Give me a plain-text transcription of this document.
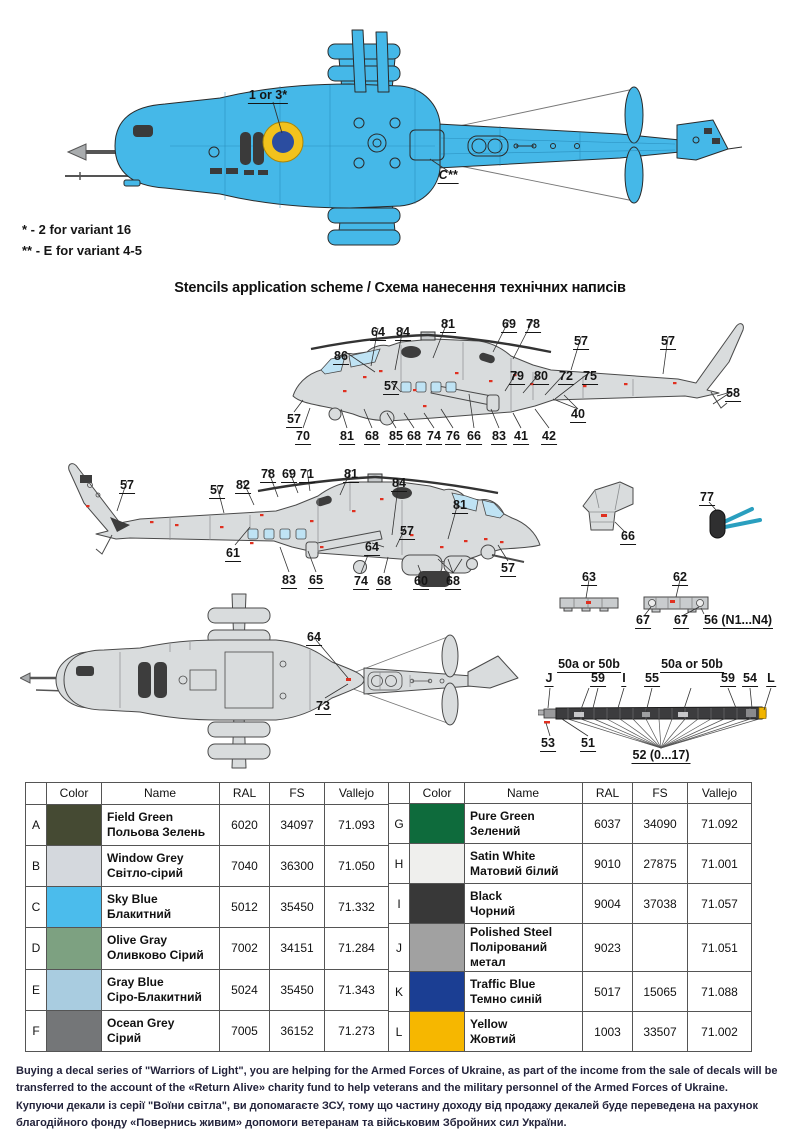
1 or 3*
C**
* - 2 for variant 16
** - E for variant 4-5
Stencils application scheme / Схема нанесення технічних написів
64 84
81	69 78
57	57
86
57
79 80 72 75
58
40
57
70 81 68 85 68 74 76 66 83 41 42
57	57 82
78 69 71 81
84
81
61
83 65
64
57
74 68 60 68
57
66
77
63	62
67 67 56 (N1...N4)
64
73
J
50a or 50b
59 I 55
50a or 50b
59 54 L
53 51
52 (0...17)
	Color	Name	RAL	FS	Vallejo
A		Field Green
Польова Зелень	6020	34097	71.093
B		Window Grey
Світло-сірий	7040	36300	71.050
C		Sky Blue
Блакитний	5012	35450	71.332
D		Olive Gray
Оливково Сірий	7002	34151	71.284
E		Gray Blue
Сіро-Блакитний	5024	35450	71.343
F		Ocean Grey
Сірий	7005	36152	71.273
	Color	Name	RAL	FS	Vallejo
G		Pure Green
Зелений	6037	34090	71.092
H		Satin White
Матовий білий	9010	27875	71.001
I		Black
Чорний	9004	37038	71.057
J		Polished Steel
Полірований метал	9023		71.051
K		Traffic Blue
Темно синій	5017	15065	71.088
L		Yellow
Жовтий	1003	33507	71.002

Buying a decal series of "Warriors of Light", you are helping for the Armed Forces of Ukraine, as part of the income from the sale of decals will be transferred to the account of the «Return Alive» charity fund to help veterans and the military personnel of the Armed Forces of Ukraine.

Купуючи декали із серії "Воїни світла", ви допомагаєте ЗСУ, тому що частину доходу від продажу декалей буде переведена на рахунок благодійного фонду «Повернись живим» допомоги ветеранам та військовим Збройних сил України.
